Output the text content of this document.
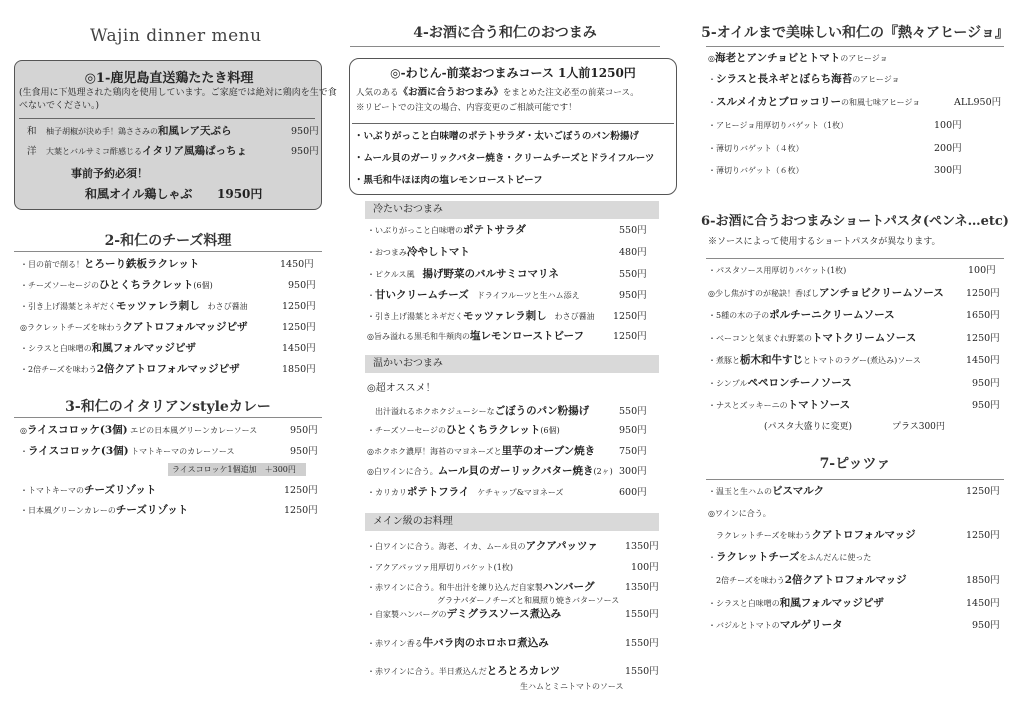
Wajin dinner menu
◎1-鹿児島直送鶏たたき料理
(生食用に下処理された鶏肉を使用しています。ご家庭では絶対に鶏肉を生で食
べないでください。)
和　 柚子胡椒が決め手！鶏ささみの和風レア天ぷら	950円
洋　 大葉とバルサミコ酢感じるイタリア風鶏ぱっちょ	950円
事前予約必須！
和風オイル鶏しゃぶ 1950円
2-和仁のチーズ料理
・目の前で削る！とろーり鉄板ラクレット	1450円
・チーズソーセージのひとくちラクレット(6個)	950円
・引き上げ湯葉とネギだくモッツァレラ刺し　わさび醤油	1250円
◎ラクレットチーズを味わうクアトロフォルマッジピザ	1250円
・シラスと白味噌の和風フォルマッジピザ	1450円
・2倍チーズを味わう2倍クアトロフォルマッジピザ	1850円
3-和仁のイタリアンstyleカレー
◎ライスコロッケ(3個) エビの日本風グリーンカレーソース	950円
・ライスコロッケ(3個) トマトキーマのカレーソース	950円
ライスコロッケ1個追加　＋300円
・トマトキーマのチーズリゾット	1250円
・日本風グリーンカレーのチーズリゾット	1250円
4-お酒に合う和仁のおつまみ
◎-わじん-前菜おつまみコース 1人前1250円
人気のある《お酒に合うおつまみ》をまとめた注文必至の前菜コース。
※リピートでの注文の場合、内容変更のご相談可能です！
・いぶりがっこと白味噌のポテトサラダ・太いごぼうのパン粉揚げ
・ムール貝のガーリックバター焼き・クリームチーズとドライフルーツ
・黒毛和牛ほほ肉の塩レモンローストビーフ
冷たいおつまみ
・いぶりがっこと白味噌のポテトサラダ	550円
・おつまみ冷やしトマト	480円
・ピクルス風　揚げ野菜のバルサミコマリネ	550円
・甘いクリームチーズ　ドライフルーツと生ハム添え	950円
・引き上げ湯葉とネギだくモッツァレラ刺し　わさび醤油 1250円
◎旨み溢れる黒毛和牛頬肉の塩レモンローストビーフ	1250円
温かいおつまみ
◎超オススメ！
　出汁溢れるホクホクジューシーなごぼうのパン粉揚げ	550円
・チーズソーセージのひとくちラクレット(6個)	950円
◎ホクホク濃厚！海苔のマヨネーズと里芋のオーブン焼き	750円
◎白ワインに合う。ムール貝のガーリックバター焼き(2ヶ) 300円
・カリカリポテトフライ　ケチャップ&マヨネーズ	600円
メイン級のお料理
・白ワインに合う。海老、イカ、ムール貝のアクアパッツァ	1350円
・アクアパッツァ用厚切りバケット(1枚)	100円
・赤ワインに合う。和牛出汁を練り込んだ自家製ハンバーグ	1350円
グラナパダーノチーズと和風照り焼きバターソース
・自家製ハンバーグのデミグラスソース煮込み	1550円
・赤ワイン香る牛バラ肉のホロホロ煮込み	1550円
・赤ワインに合う。半日煮込んだとろとろカレツ	1550円
生ハムとミニトマトのソース
5-オイルまで美味しい和仁の『熱々アヒージョ』
◎海老とアンチョビとトマトのアヒージョ
・シラスと長ネギとぼらち海苔のアヒージョ
・スルメイカとブロッコリーの和風七味アヒージョ	ALL950円
・アヒージョ用厚切りバゲット（1枚）	100円
・薄切りバゲット（４枚）	200円
・薄切りバゲット（６枚）	300円
6-お酒に合うおつまみショートパスタ(ペンネ…etc)
※ソースによって使用するショートパスタが異なります。
・パスタソース用厚切りバケット(1枚)	100円
◎少し焦がすのが秘訣！香ばしアンチョビクリームソース 1250円
・5種の木の子のポルチーニクリームソース	1650円
・ベーコンと気まぐれ野菜のトマトクリームソース	1250円
・煮豚と栃木和牛すじとトマトのラグー(煮込み)ソース	1450円
・シンプルペペロンチーノソース	950円
・ナスとズッキーニのトマトソース	950円
(パスタ大盛りに変更)	プラス300円
7-ピッツァ
・温玉と生ハムのビスマルク	1250円
◎ワインに合う。
　ラクレットチーズを味わうクアトロフォルマッジ	1250円
・ラクレットチーズをふんだんに使った
　2倍チーズを味わう2倍クアトロフォルマッジ	1850円
・シラスと白味噌の和風フォルマッジピザ	1450円
・バジルとトマトのマルゲリータ	950円
